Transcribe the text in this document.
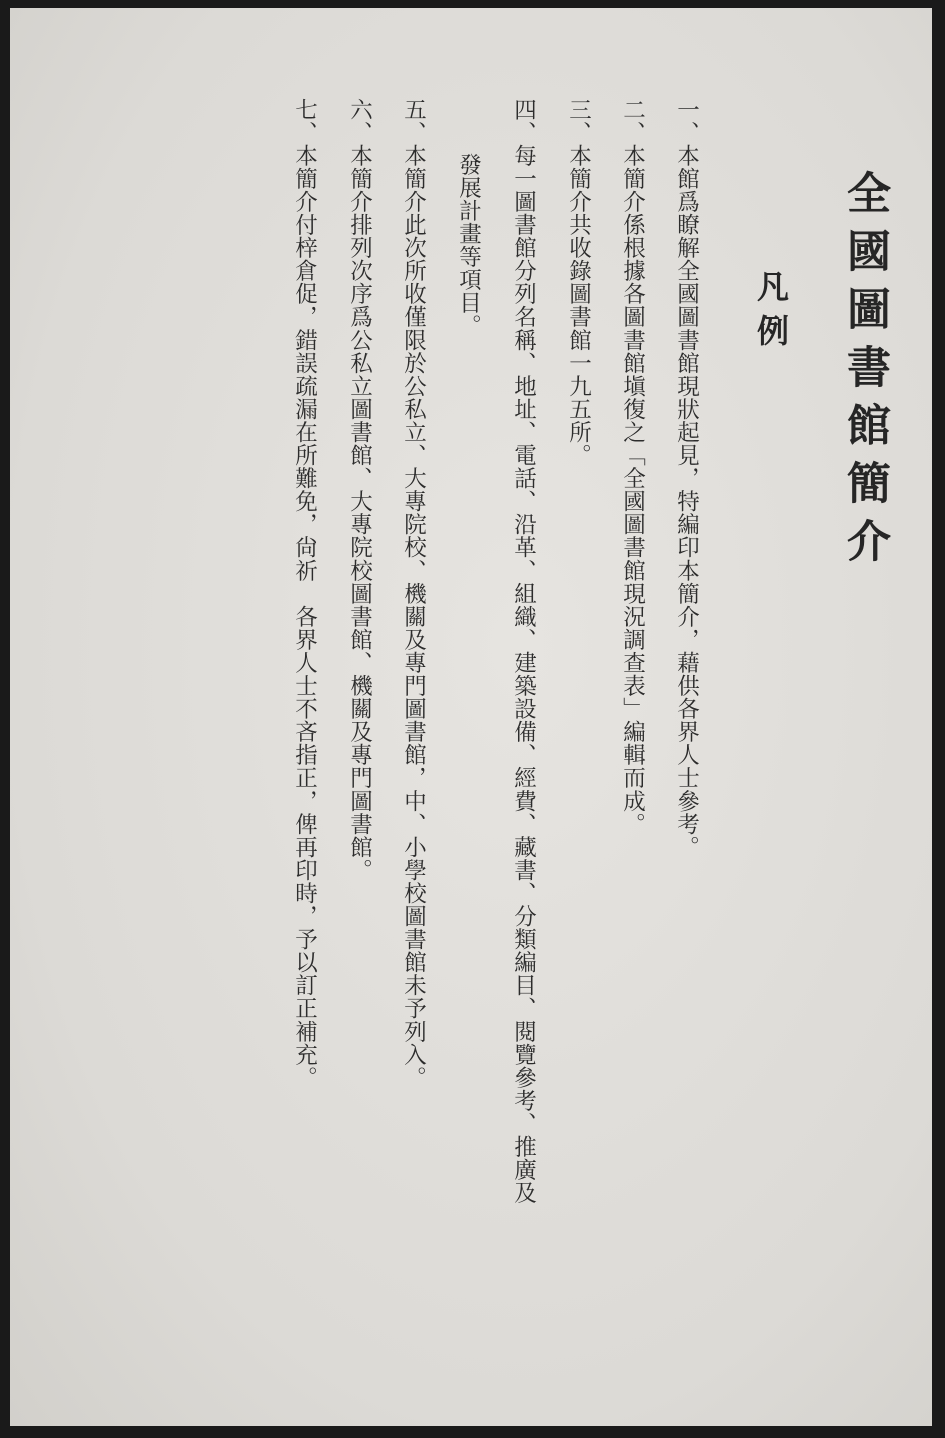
全國圖書館簡介
凡例

一、本館爲瞭解全國圖書館現狀起見，特編印本簡介，藉供各界人士參考。

二、本簡介係根據各圖書館塡復之「全國圖書館現況調查表」編輯而成。

三、本簡介共收錄圖書館一九五所。

四、每一圖書館分列名稱、地址、電話、沿革、組織、建築設備、經費、藏書、分類編目、閱覽參考、推廣及

發展計畫等項目。

五、本簡介此次所收僅限於公私立、大專院校、機關及專門圖書館，中、小學校圖書館未予列入。

六、本簡介排列次序爲公私立圖書館、大專院校圖書館、機關及專門圖書館。

七、本簡介付梓倉促，錯誤疏漏在所難免，尙祈　各界人士不吝指正，俾再印時，予以訂正補充。
